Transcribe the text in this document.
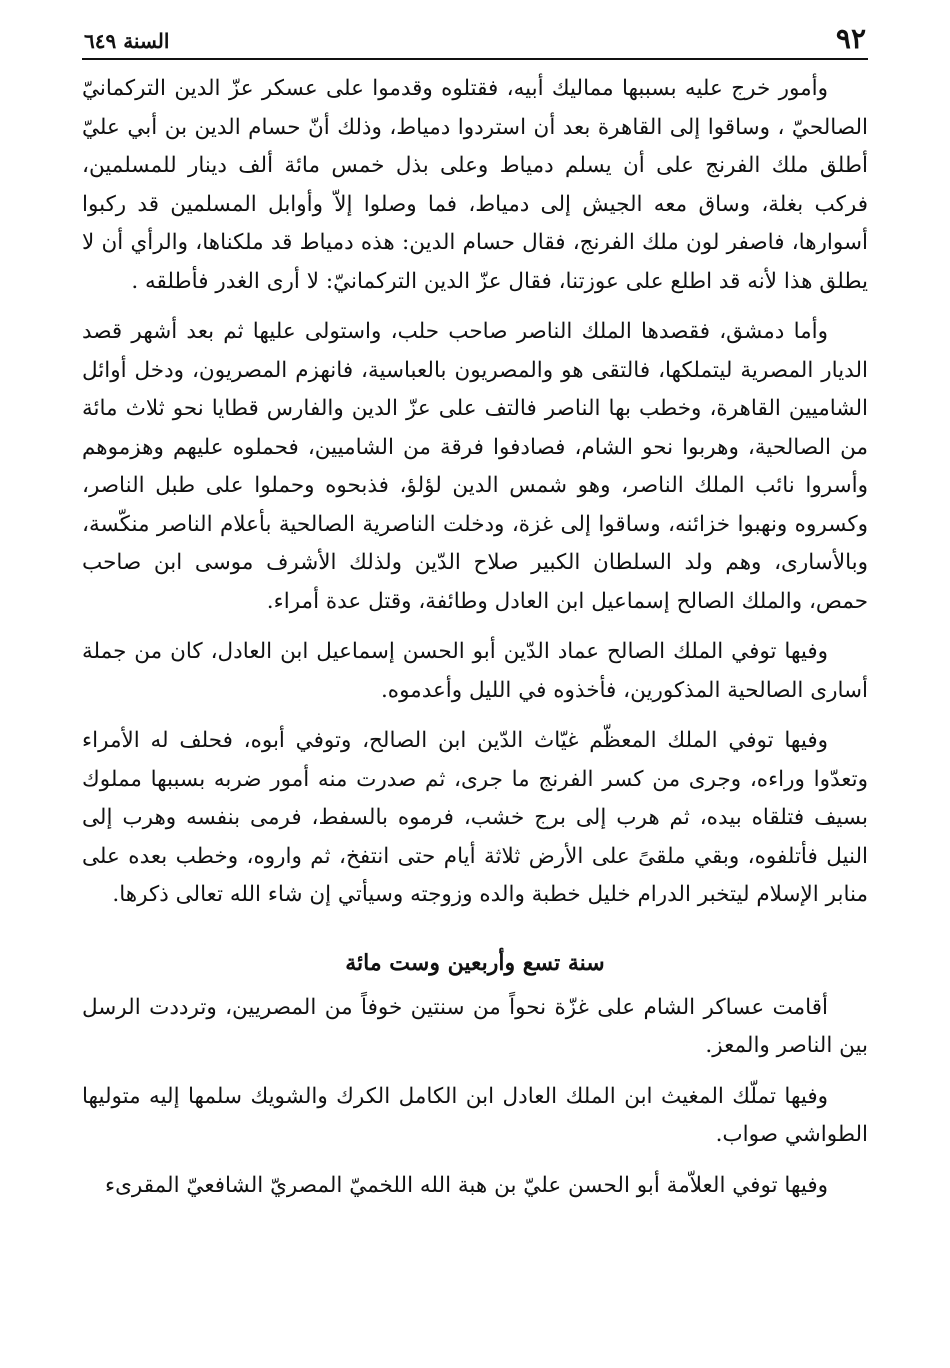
٩٢
السنة ٦٤٩

وأمور خرج عليه بسببها مماليك أبيه، فقتلوه وقدموا على عسكر عزّ الدين التركمانيّ الصالحيّ ، وساقوا إلى القاهرة بعد أن استردوا دمياط، وذلك أنّ حسام الدين بن أبي عليّ أطلق ملك الفرنج على أن يسلم دمياط وعلى بذل خمس مائة ألف دينار للمسلمين، فركب بغلة، وساق معه الجيش إلى دمياط، فما وصلوا إلاّ وأوابل المسلمين قد ركبوا أسوارها، فاصفر لون ملك الفرنج، فقال حسام الدين: هذه دمياط قد ملكناها، والرأي أن لا يطلق هذا لأنه قد اطلع على عوزتنا، فقال عزّ الدين التركمانيّ: لا أرى الغدر فأطلقه .

وأما دمشق، فقصدها الملك الناصر صاحب حلب، واستولى عليها ثم بعد أشهر قصد الديار المصرية ليتملكها، فالتقى هو والمصريون بالعباسية، فانهزم المصريون، ودخل أوائل الشاميين القاهرة، وخطب بها الناصر فالتف على عزّ الدين والفارس قطايا نحو ثلاث مائة من الصالحية، وهربوا نحو الشام، فصادفوا فرقة من الشاميين، فحملوه عليهم وهزموهم وأسروا نائب الملك الناصر، وهو شمس الدين لؤلؤ، فذبحوه وحملوا على طبل الناصر، وكسروه ونهبوا خزائنه، وساقوا إلى غزة، ودخلت الناصرية الصالحية بأعلام الناصر منكّسة، وبالأسارى، وهم ولد السلطان الكبير صلاح الدّين ولذلك الأشرف موسى ابن صاحب حمص، والملك الصالح إسماعيل ابن العادل وطائفة، وقتل عدة أمراء.

وفيها توفي الملك الصالح عماد الدّين أبو الحسن إسماعيل ابن العادل، كان من جملة أسارى الصالحية المذكورين، فأخذوه في الليل وأعدموه.

وفيها توفي الملك المعظّم غيّاث الدّين ابن الصالح، وتوفي أبوه، فحلف له الأمراء وتعدّوا وراءه، وجرى من كسر الفرنج ما جرى، ثم صدرت منه أمور ضربه بسببها مملوك بسيف فتلقاه بيده، ثم هرب إلى برج خشب، فرموه بالسفط، فرمى بنفسه وهرب إلى النيل فأتلفوه، وبقي ملقىً على الأرض ثلاثة أيام حتى انتفخ، ثم واروه، وخطب بعده على منابر الإسلام ليتخبر الدرام خليل خطبة والده وزوجته وسيأتي إن شاء الله تعالى ذكرها.

سنة تسع وأربعين وست مائة

أقامت عساكر الشام على غزّة نحواً من سنتين خوفاً من المصريين، وترددت الرسل بين الناصر والمعز.

وفيها تملّك المغيث ابن الملك العادل ابن الكامل الكرك والشويك سلمها إليه متوليها الطواشي صواب.

وفيها توفي العلاّمة أبو الحسن عليّ بن هبة الله اللخميّ المصريّ الشافعيّ المقرىء
